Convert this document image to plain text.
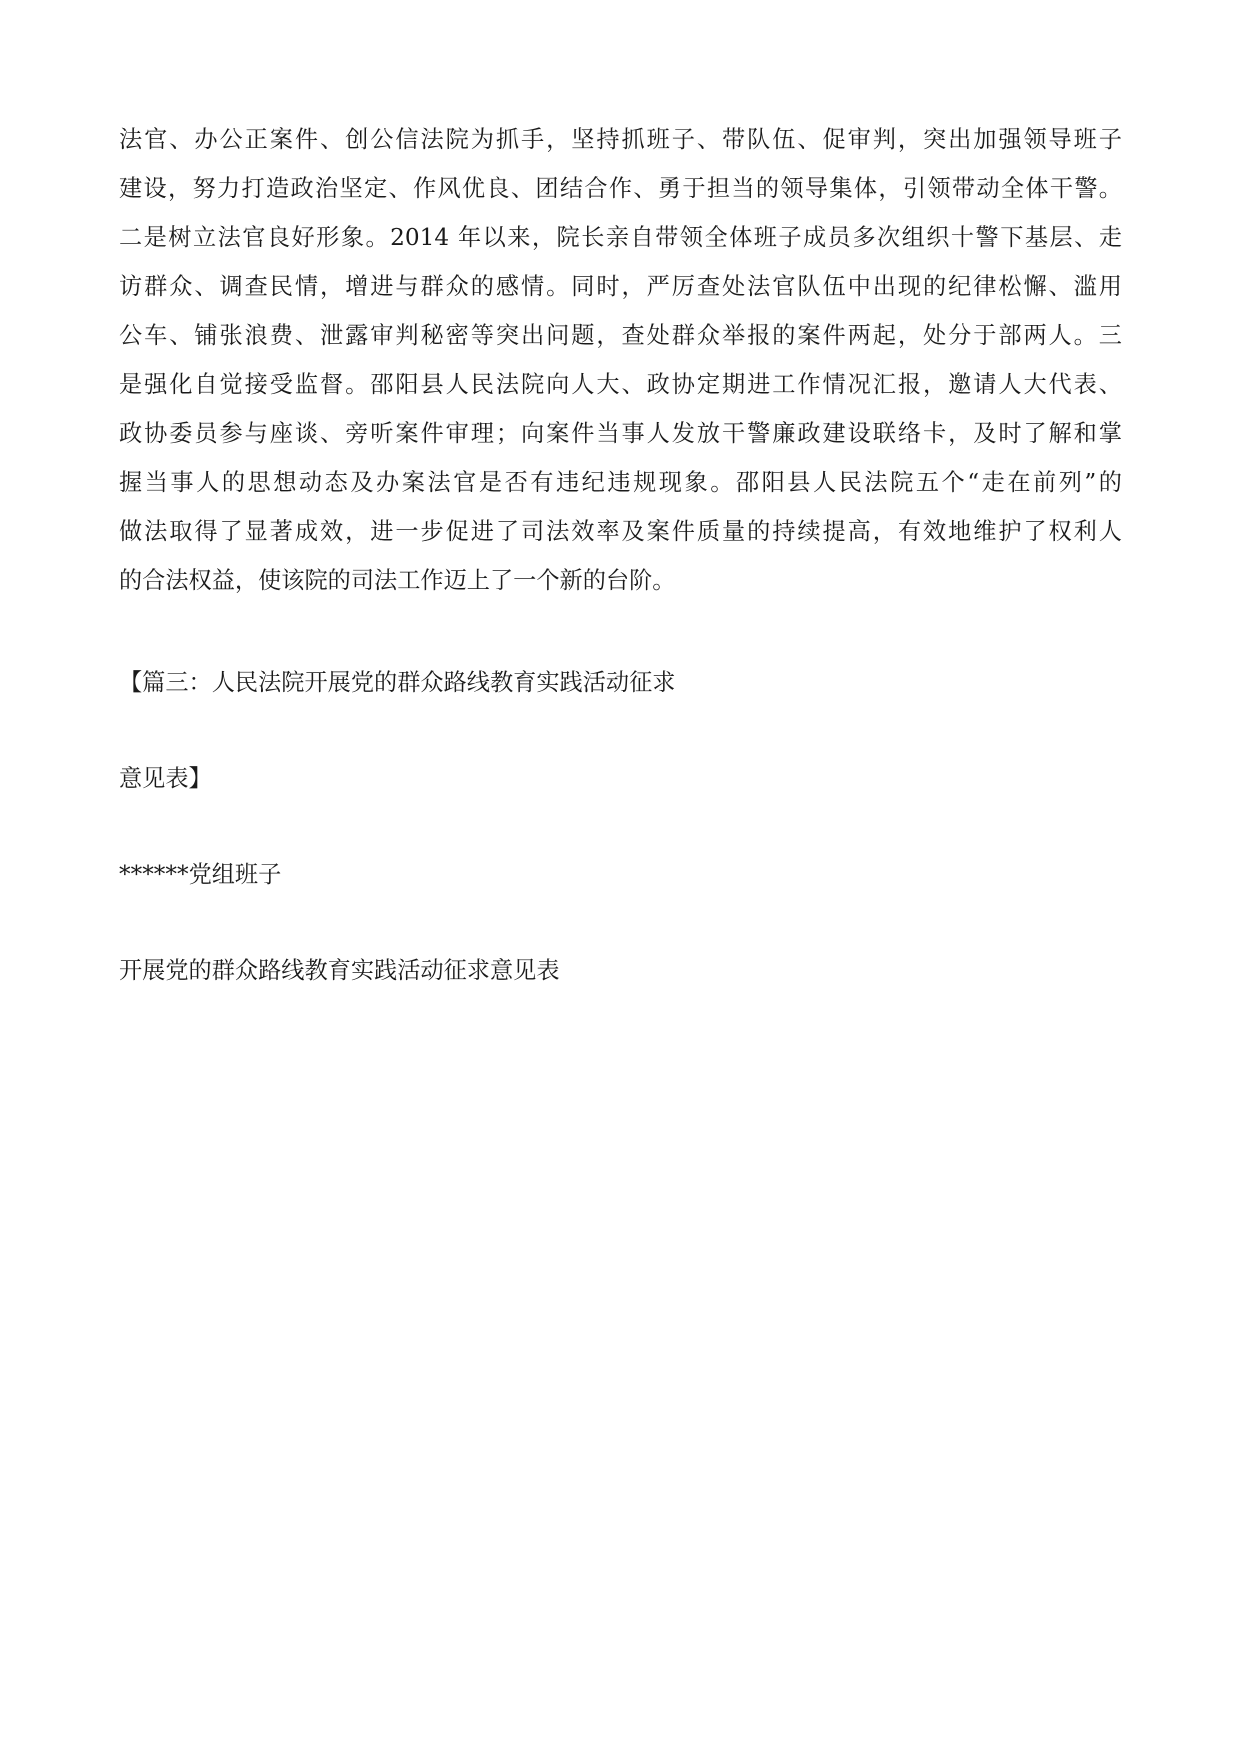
法官、办公正案件、创公信法院为抓手，坚持抓班子、带队伍、促审判，突出加强领导班子
建设，努力打造政治坚定、作风优良、团结合作、勇于担当的领导集体，引领带动全体干警。
二是树立法官良好形象。2014 年以来，院长亲自带领全体班子成员多次组织十警下基层、走
访群众、调查民情，增进与群众的感情。同时，严厉查处法官队伍中出现的纪律松懈、滥用
公车、铺张浪费、泄露审判秘密等突出问题，查处群众举报的案件两起，处分于部两人。三
是强化自觉接受监督。邵阳县人民法院向人大、政协定期进工作情况汇报，邀请人大代表、
政协委员参与座谈、旁听案件审理；向案件当事人发放干警廉政建设联络卡，及时了解和掌
握当事人的思想动态及办案法官是否有违纪违规现象。邵阳县人民法院五个“走在前列”的
做法取得了显著成效，进一步促进了司法效率及案件质量的持续提高，有效地维护了权利人
的合法权益，使该院的司法工作迈上了一个新的台阶。

【篇三：人民法院开展党的群众路线教育实践活动征求

意见表】

******党组班子

开展党的群众路线教育实践活动征求意见表
